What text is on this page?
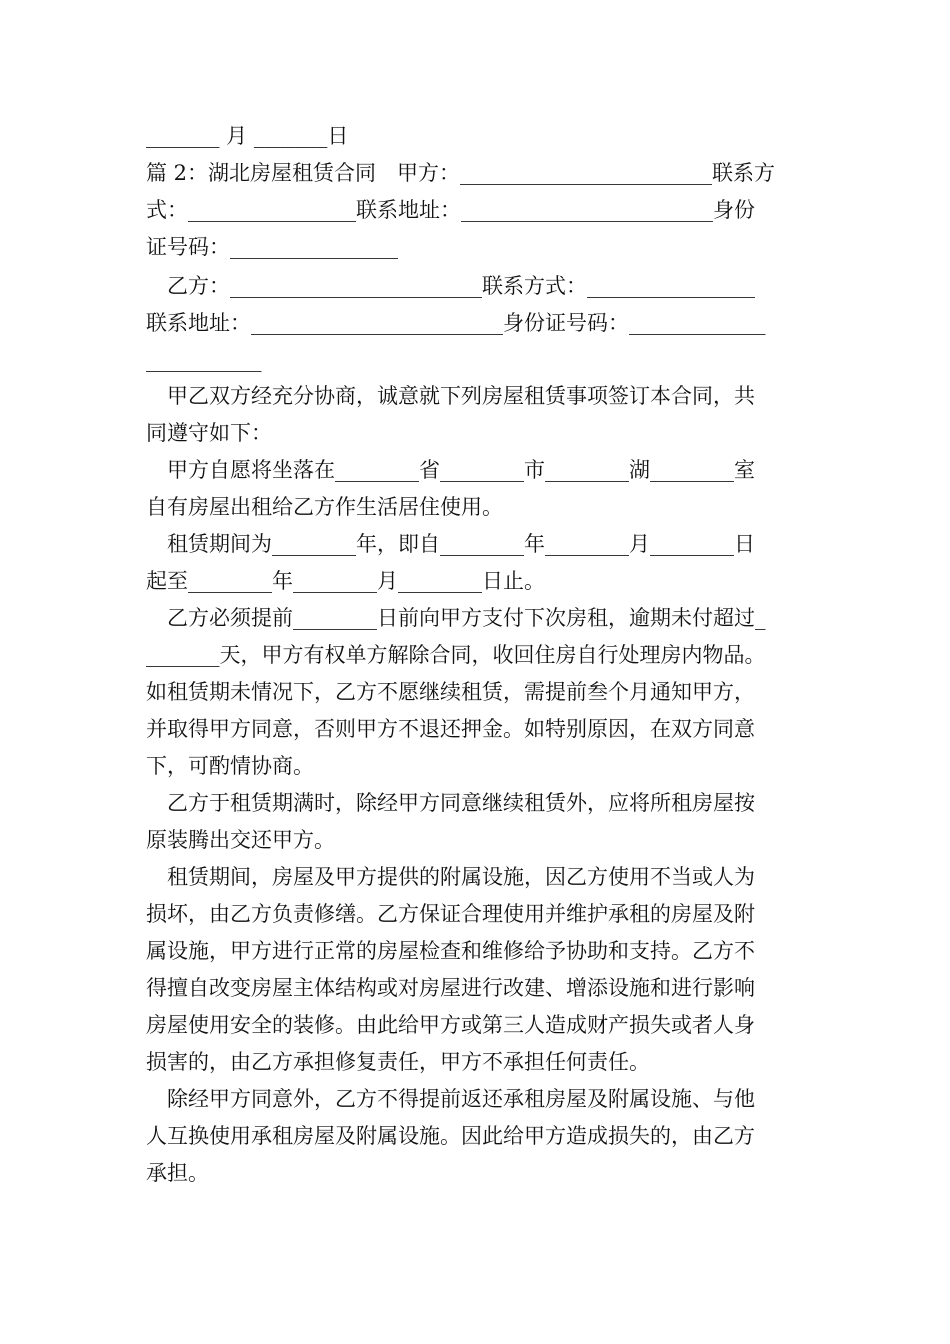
_______ 月 _______日
篇 2：湖北房屋租赁合同　甲方：________________________联系方
式：________________联系地址：________________________身份
证号码：________________
　乙方：________________________联系方式：________________
联系地址：________________________身份证号码：_____________
___________
　甲乙双方经充分协商，诚意就下列房屋租赁事项签订本合同，共
同遵守如下：
　甲方自愿将坐落在________省________市________湖________室
自有房屋出租给乙方作生活居住使用。
　租赁期间为________年，即自________年________月________日
起至________年________月________日止。
　乙方必须提前________日前向甲方支付下次房租，逾期未付超过_
_______天，甲方有权单方解除合同，收回住房自行处理房内物品。
如租赁期未情况下，乙方不愿继续租赁，需提前叁个月通知甲方，
并取得甲方同意，否则甲方不退还押金。如特别原因，在双方同意
下，可酌情协商。
　乙方于租赁期满时，除经甲方同意继续租赁外，应将所租房屋按
原装腾出交还甲方。
　租赁期间，房屋及甲方提供的附属设施，因乙方使用不当或人为
损坏，由乙方负责修缮。乙方保证合理使用并维护承租的房屋及附
属设施，甲方进行正常的房屋检查和维修给予协助和支持。乙方不
得擅自改变房屋主体结构或对房屋进行改建、增添设施和进行影响
房屋使用安全的装修。由此给甲方或第三人造成财产损失或者人身
损害的，由乙方承担修复责任，甲方不承担任何责任。
　除经甲方同意外，乙方不得提前返还承租房屋及附属设施、与他
人互换使用承租房屋及附属设施。因此给甲方造成损失的，由乙方
承担。
